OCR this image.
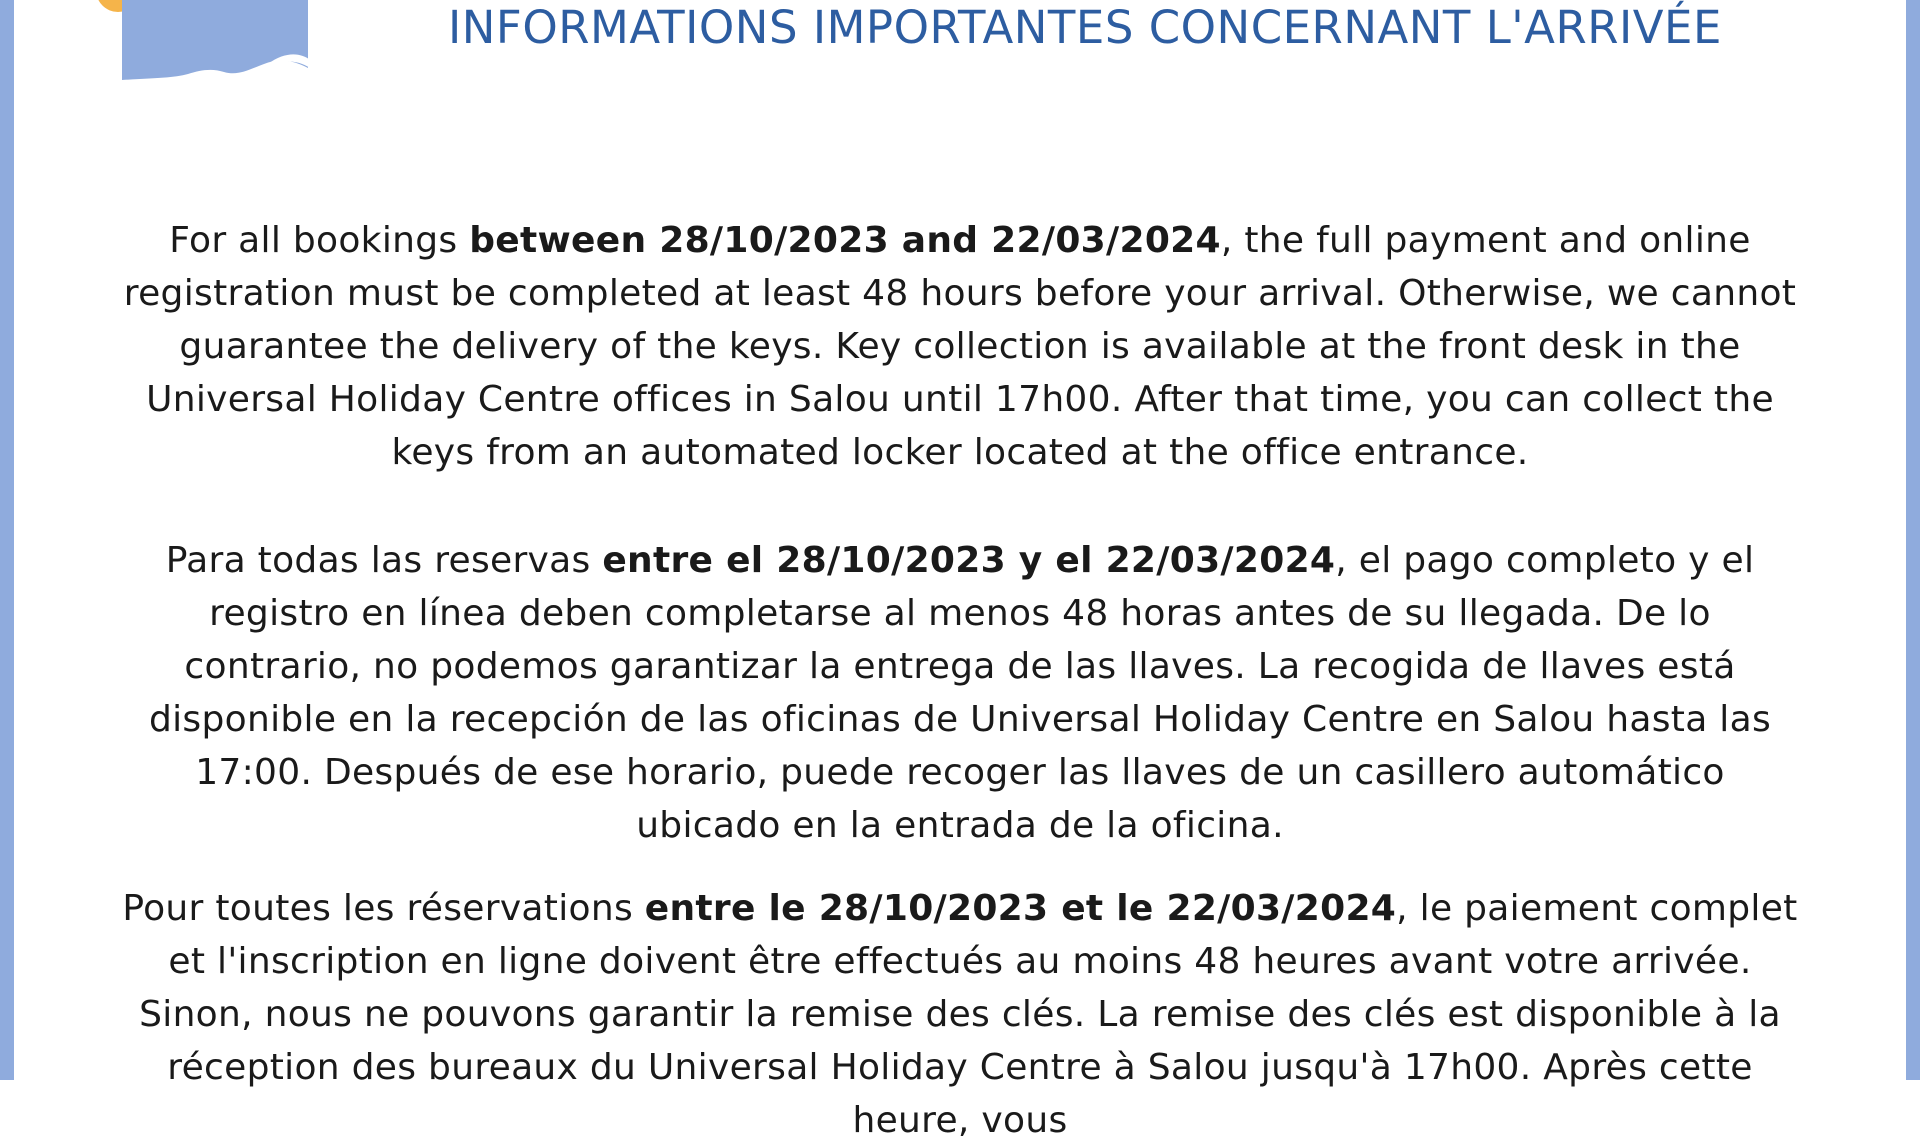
INFORMATIONS IMPORTANTES CONCERNANT L'ARRIVÉE

For all bookings between 28/10/2023 and 22/03/2024, the full payment and online registration must be completed at least 48 hours before your arrival. Otherwise, we cannot guarantee the delivery of the keys. Key collection is available at the front desk in the Universal Holiday Centre offices in Salou until 17h00. After that time, you can collect the keys from an automated locker located at the office entrance.

Para todas las reservas entre el 28/10/2023 y el 22/03/2024, el pago completo y el registro en línea deben completarse al menos 48 horas antes de su llegada. De lo contrario, no podemos garantizar la entrega de las llaves. La recogida de llaves está disponible en la recepción de las oficinas de Universal Holiday Centre en Salou hasta las 17:00. Después de ese horario, puede recoger las llaves de un casillero automático ubicado en la entrada de la oficina.

Pour toutes les réservations entre le 28/10/2023 et le 22/03/2024, le paiement complet et l'inscription en ligne doivent être effectués au moins 48 heures avant votre arrivée. Sinon, nous ne pouvons garantir la remise des clés. La remise des clés est disponible à la réception des bureaux du Universal Holiday Centre à Salou jusqu'à 17h00. Après cette heure, vous
